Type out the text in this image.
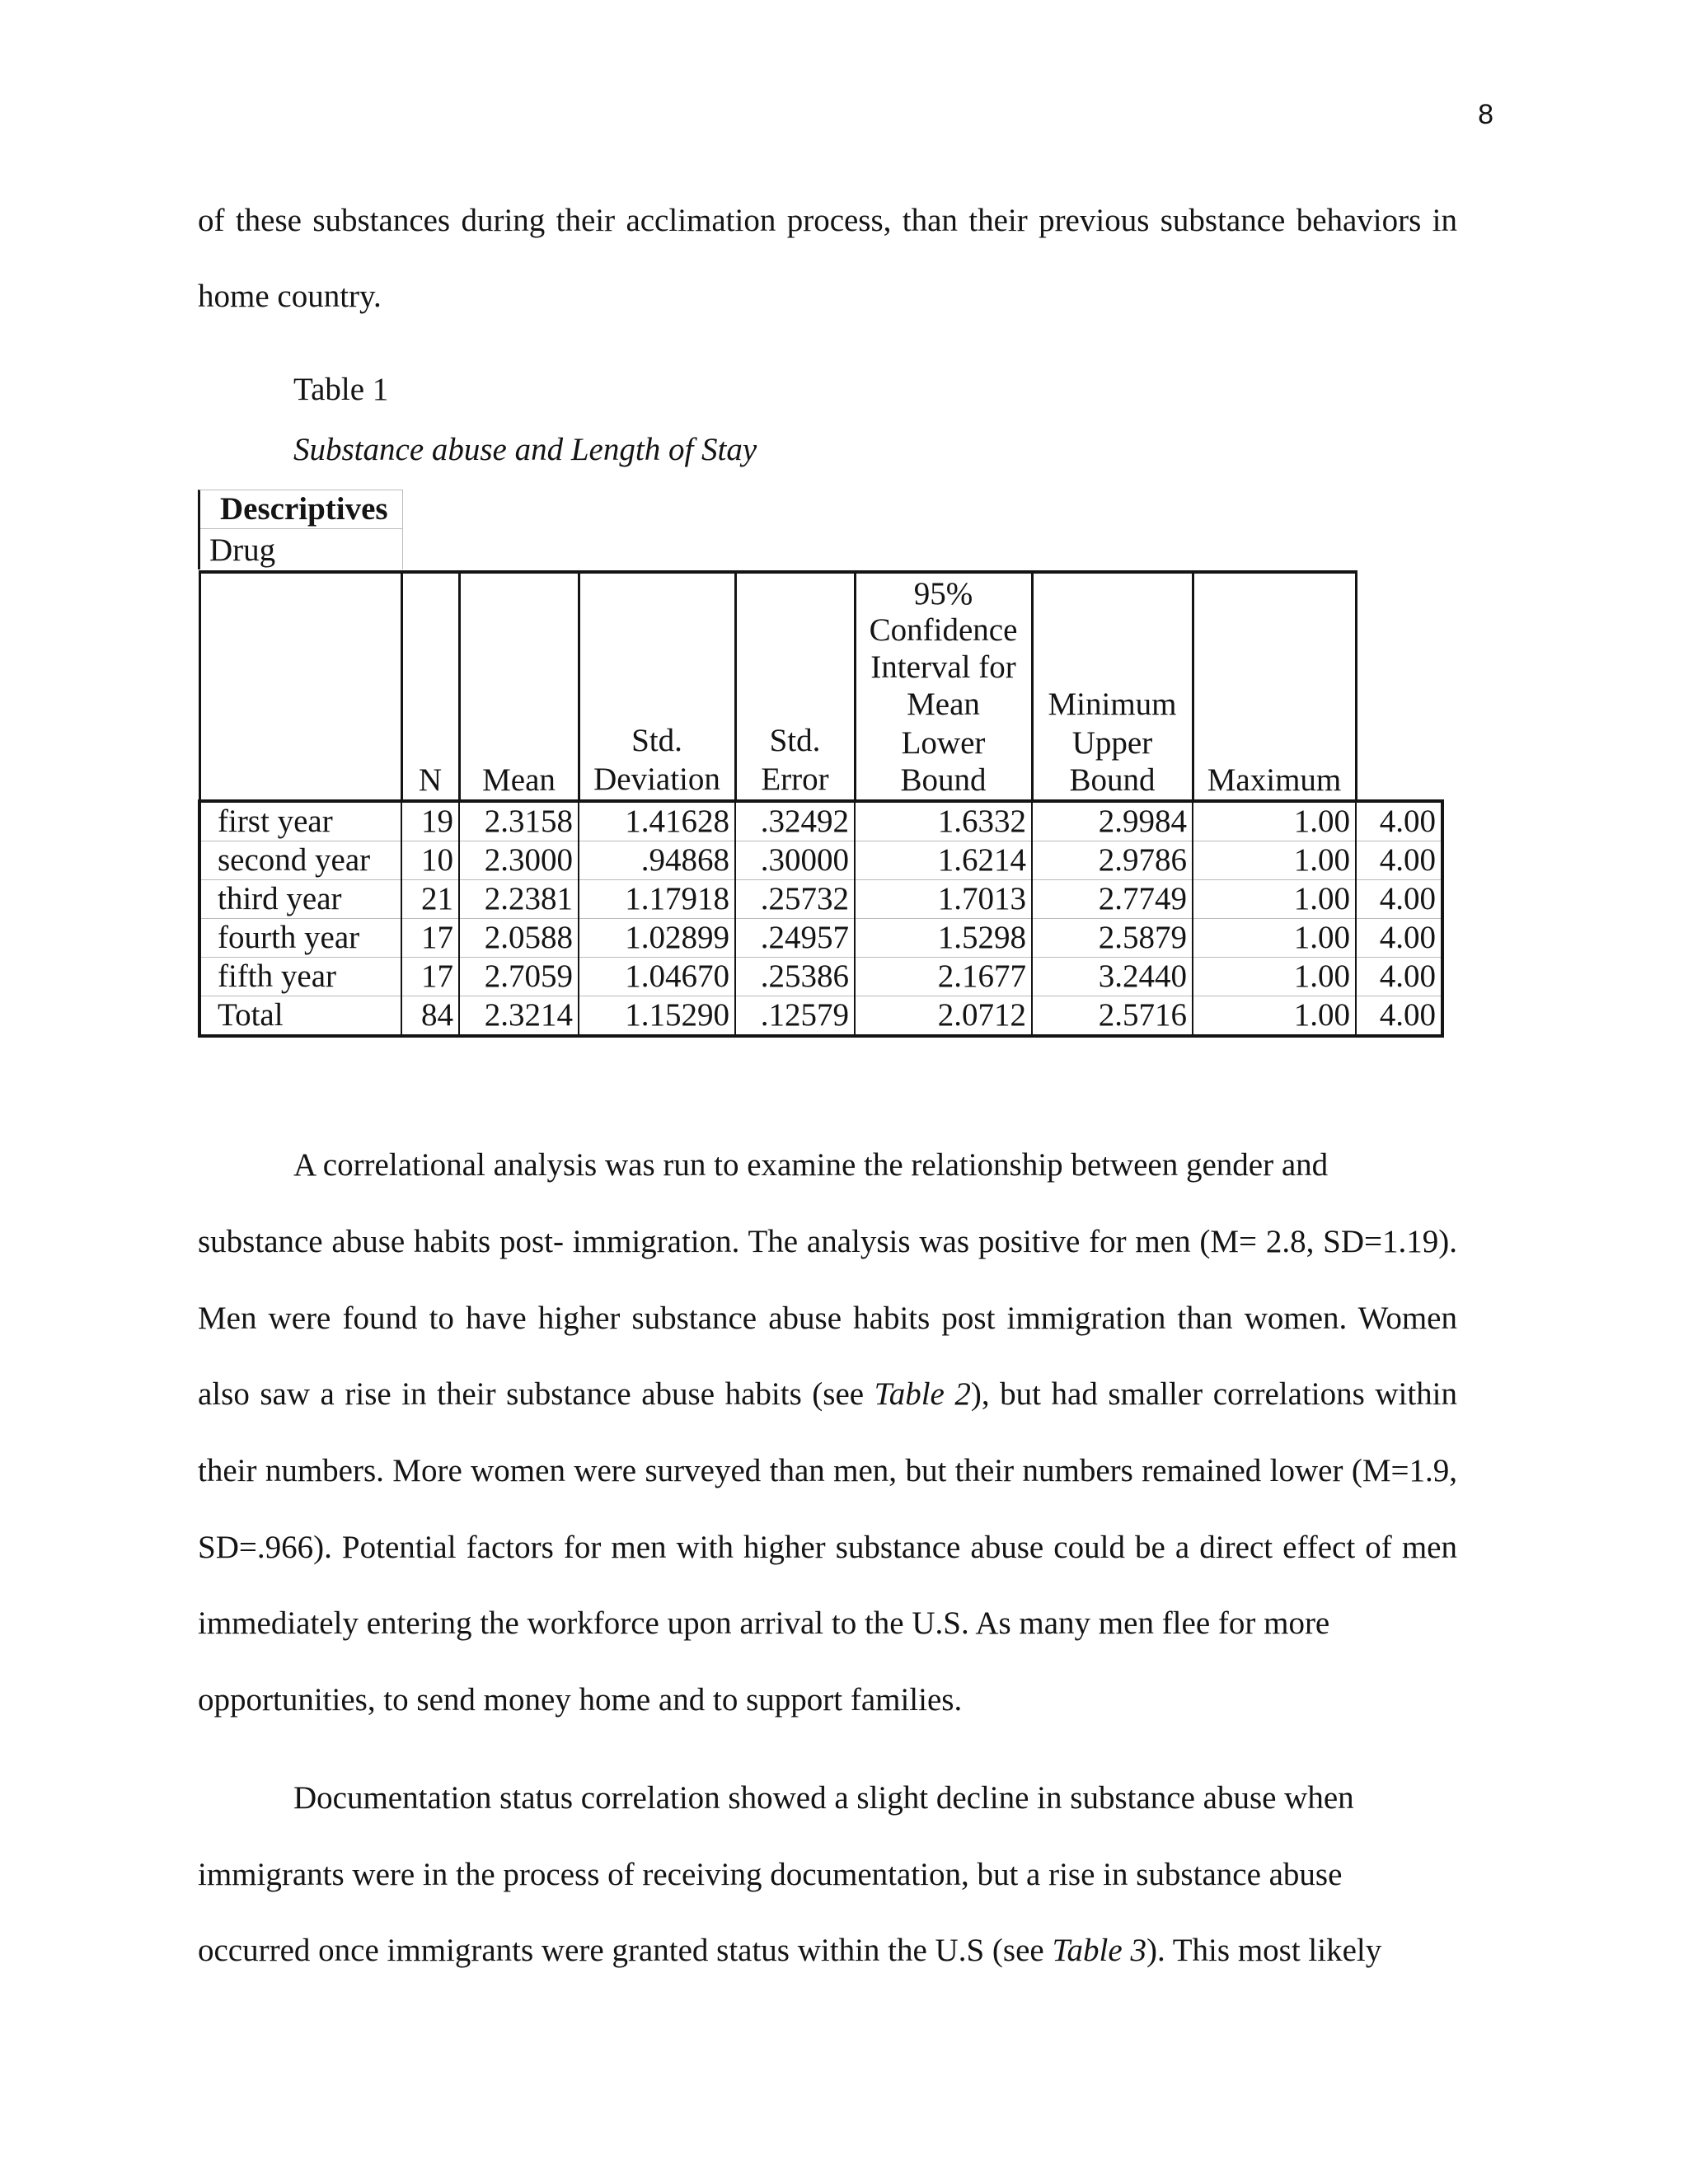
8
of these substances during their acclimation process, than their previous substance behaviors in
home country.
Table 1
Substance abuse and Length of Stay
Descriptives
Drug
	N	Mean	Std. Deviation	Std. Error	95% Confidence Interval for Mean	Minimum	Maximum	
					Lower Bound	Upper Bound		
first year	19	2.3158	1.41628	.32492	1.6332	2.9984	1.00	4.00
second year	10	2.3000	.94868	.30000	1.6214	2.9786	1.00	4.00
third year	21	2.2381	1.17918	.25732	1.7013	2.7749	1.00	4.00
fourth year	17	2.0588	1.02899	.24957	1.5298	2.5879	1.00	4.00
fifth year	17	2.7059	1.04670	.25386	2.1677	3.2440	1.00	4.00
Total	84	2.3214	1.15290	.12579	2.0712	2.5716	1.00	4.00
A correlational analysis was run to examine the relationship between gender and
substance abuse habits post- immigration. The analysis was positive for men (M= 2.8, SD=1.19).
Men were found to have higher substance abuse habits post immigration than women. Women
also saw a rise in their substance abuse habits (see Table 2), but had smaller correlations within
their numbers. More women were surveyed than men, but their numbers remained lower (M=1.9,
SD=.966). Potential factors for men with higher substance abuse could be a direct effect of men
immediately entering the workforce upon arrival to the U.S. As many men flee for more
opportunities, to send money home and to support families.
Documentation status correlation showed a slight decline in substance abuse when
immigrants were in the process of receiving documentation, but a rise in substance abuse
occurred once immigrants were granted status within the U.S (see Table 3). This most likely
